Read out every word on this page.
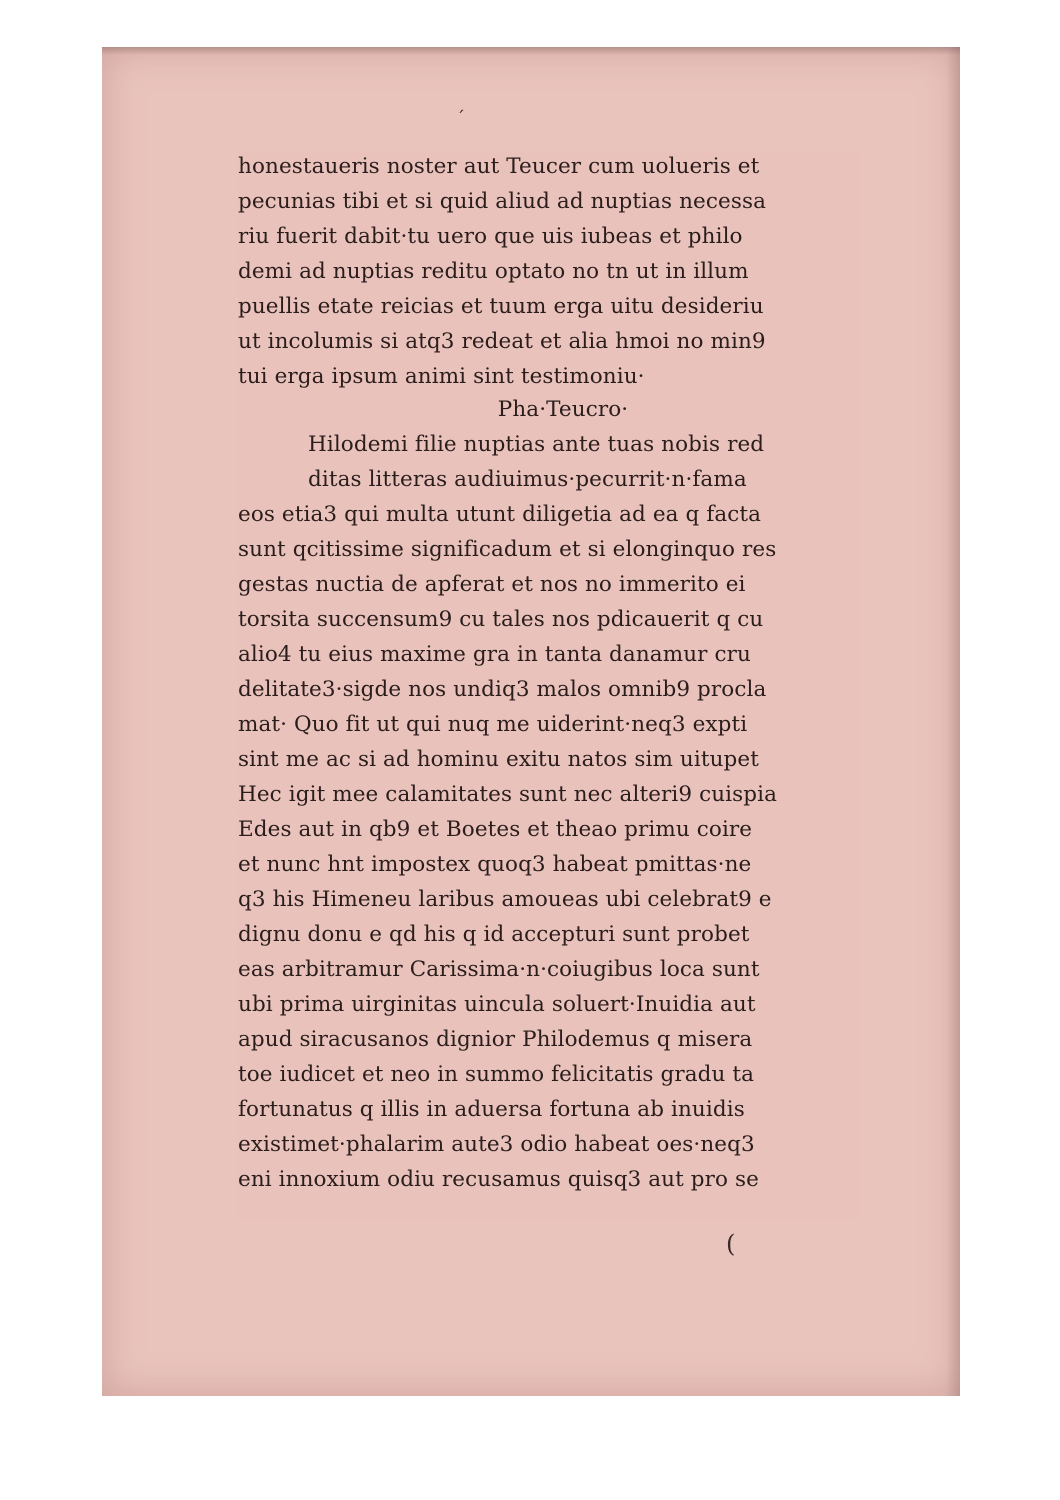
ˊ
(
honestaueris noster aut Teucer cum uolueris et
pecunias tibi et si quid aliud ad nuptias necessa
riu fuerit dabit·tu uero que uis iubeas et philo
demi ad nuptias reditu optato no tn ut in illum
puellis etate reicias et tuum erga uitu desideriu
ut incolumis si atq3 redeat et alia hmoi no min9
tui erga ipsum animi sint testimoniu·
Pha·Teucro·
Hilodemi filie nuptias ante tuas nobis red
ditas litteras audiuimus·pecurrit·n·fama
eos etia3 qui multa utunt diligetia ad ea q facta
sunt qcitissime significadum et si elonginquo res
gestas nuctia de apferat et nos no immerito ei
torsita succensum9 cu tales nos pdicauerit q cu
alio4 tu eius maxime gra in tanta danamur cru
delitate3·sigde nos undiq3 malos omnib9 procla
mat· Quo fit ut qui nuq me uiderint·neq3 expti
sint me ac si ad hominu exitu natos sim uitupet
Hec igit mee calamitates sunt nec alteri9 cuispia
Edes aut in qb9 et Boetes et theao primu coire
et nunc hnt impostex quoq3 habeat pmittas·ne
q3 his Himeneu laribus amoueas ubi celebrat9 e
dignu donu e qd his q id accepturi sunt probet
eas arbitramur Carissima·n·coiugibus loca sunt
ubi prima uirginitas uincula soluert·Inuidia aut
apud siracusanos dignior Philodemus q misera
toe iudicet et neo in summo felicitatis gradu ta
fortunatus q illis in aduersa fortuna ab inuidis
existimet·phalarim aute3 odio habeat oes·neq3
eni innoxium odiu recusamus quisq3 aut pro se
